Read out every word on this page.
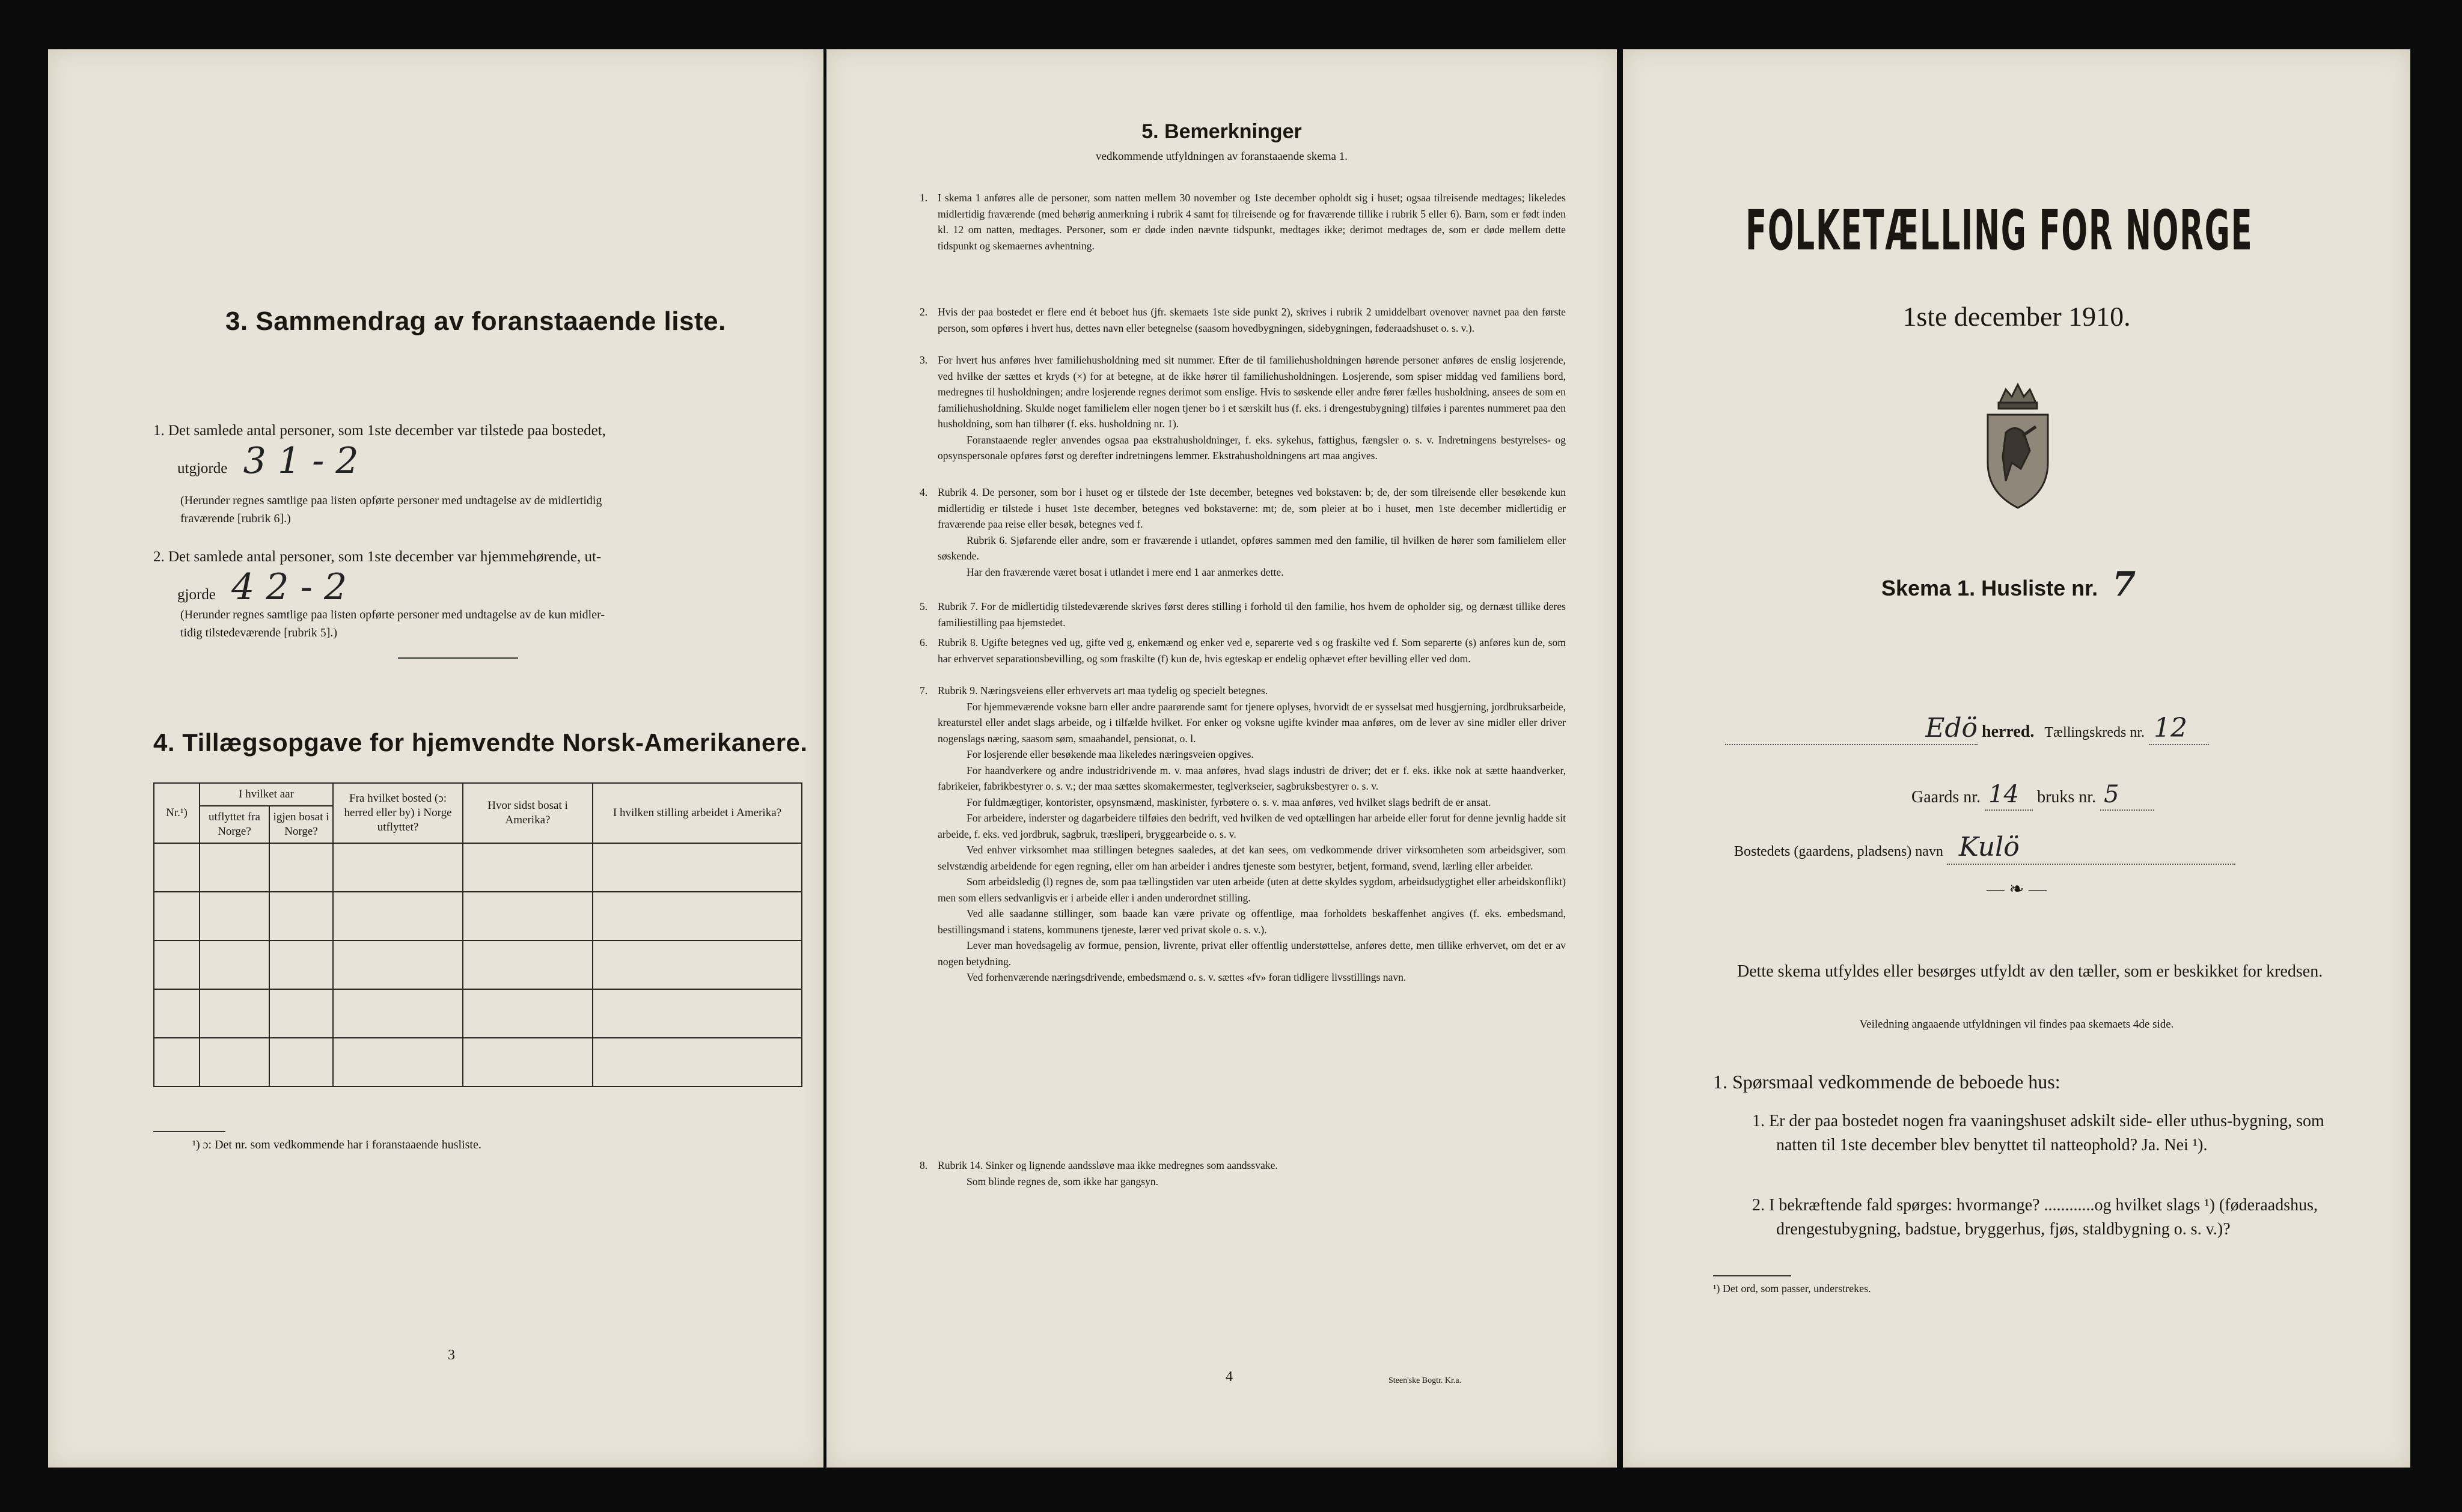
3. Sammendrag av foranstaaende liste.
1. Det samlede antal personer, som 1ste december var tilstede paa bostedet,
utgjorde 3 1 - 2
(Herunder regnes samtlige paa listen opførte personer med undtagelse av de midlertidig
fraværende [rubrik 6].)
2. Det samlede antal personer, som 1ste december var hjemmehørende, ut-
gjorde 4 2 - 2
(Herunder regnes samtlige paa listen opførte personer med undtagelse av de kun midler-
tidig tilstedeværende [rubrik 5].)
4. Tillægsopgave for hjemvendte Norsk-Amerikanere.
Nr.¹)	I hvilket aar		Fra hvilket bosted (ɔ: herred eller by) i Norge utflyttet?	Hvor sidst bosat i Amerika?	I hvilken stilling arbeidet i Amerika?
	utflyttet fra Norge?	igjen bosat i Norge?			

¹) ɔ: Det nr. som vedkommende har i foranstaaende husliste.
3
5. Bemerkninger
vedkommende utfyldningen av foranstaaende skema 1.
1. I skema 1 anføres alle de personer, som natten mellem 30 november og 1ste december opholdt sig i huset; ogsaa tilreisende medtages; likeledes midlertidig fraværende (med behørig anmerkning i rubrik 4 samt for tilreisende og for fraværende tillike i rubrik 5 eller 6). Barn, som er født inden kl. 12 om natten, medtages. Personer, som er døde inden nævnte tidspunkt, medtages ikke; derimot medtages de, som er døde mellem dette tidspunkt og skemaernes avhentning.
2. Hvis der paa bostedet er flere end ét beboet hus (jfr. skemaets 1ste side punkt 2), skrives i rubrik 2 umiddelbart ovenover navnet paa den første person, som opføres i hvert hus, dettes navn eller betegnelse (saasom hovedbygningen, sidebygningen, føderaadshuset o. s. v.).
3. For hvert hus anføres hver familiehusholdning med sit nummer. Efter de til familiehusholdningen hørende personer anføres de enslig losjerende, ved hvilke der sættes et kryds (×) for at betegne, at de ikke hører til familiehusholdningen. Losjerende, som spiser middag ved familiens bord, medregnes til husholdningen; andre losjerende regnes derimot som enslige. Hvis to søskende eller andre fører fælles husholdning, ansees de som en familiehusholdning. Skulde noget familielem eller nogen tjener bo i et særskilt hus (f. eks. i drengestubygning) tilføies i parentes nummeret paa den husholdning, som han tilhører (f. eks. husholdning nr. 1).
Foranstaaende regler anvendes ogsaa paa ekstrahusholdninger, f. eks. sykehus, fattighus, fængsler o. s. v. Indretningens bestyrelses- og opsynspersonale opføres først og derefter indretningens lemmer. Ekstrahusholdningens art maa angives.
4. Rubrik 4. De personer, som bor i huset og er tilstede der 1ste december, betegnes ved bokstaven: b; de, der som tilreisende eller besøkende kun midlertidig er tilstede i huset 1ste december, betegnes ved bokstaverne: mt; de, som pleier at bo i huset, men 1ste december midlertidig er fraværende paa reise eller besøk, betegnes ved f.
Rubrik 6. Sjøfarende eller andre, som er fraværende i utlandet, opføres sammen med den familie, til hvilken de hører som familielem eller søskende.
Har den fraværende været bosat i utlandet i mere end 1 aar anmerkes dette.
5. Rubrik 7. For de midlertidig tilstedeværende skrives først deres stilling i forhold til den familie, hos hvem de opholder sig, og dernæst tillike deres familiestilling paa hjemstedet.
6. Rubrik 8. Ugifte betegnes ved ug, gifte ved g, enkemænd og enker ved e, separerte ved s og fraskilte ved f. Som separerte (s) anføres kun de, som har erhvervet separationsbevilling, og som fraskilte (f) kun de, hvis egteskap er endelig ophævet efter bevilling eller ved dom.
7. Rubrik 9. Næringsveiens eller erhvervets art maa tydelig og specielt betegnes.
For hjemmeværende voksne barn eller andre paarørende samt for tjenere oplyses, hvorvidt de er sysselsat med husgjerning, jordbruksarbeide, kreaturstel eller andet slags arbeide, og i tilfælde hvilket. For enker og voksne ugifte kvinder maa anføres, om de lever av sine midler eller driver nogenslags næring, saasom søm, smaahandel, pensionat, o. l.
For losjerende eller besøkende maa likeledes næringsveien opgives.
For haandverkere og andre industridrivende m. v. maa anføres, hvad slags industri de driver; det er f. eks. ikke nok at sætte haandverker, fabrikeier, fabrikbestyrer o. s. v.; der maa sættes skomakermester, teglverkseier, sagbruksbestyrer o. s. v.
For fuldmægtiger, kontorister, opsynsmænd, maskinister, fyrbøtere o. s. v. maa anføres, ved hvilket slags bedrift de er ansat.
For arbeidere, inderster og dagarbeidere tilføies den bedrift, ved hvilken de ved optællingen har arbeide eller forut for denne jevnlig hadde sit arbeide, f. eks. ved jordbruk, sagbruk, træsliperi, bryggearbeide o. s. v.
Ved enhver virksomhet maa stillingen betegnes saaledes, at det kan sees, om vedkommende driver virksomheten som arbeidsgiver, som selvstændig arbeidende for egen regning, eller om han arbeider i andres tjeneste som bestyrer, betjent, formand, svend, lærling eller arbeider.
Som arbeidsledig (l) regnes de, som paa tællingstiden var uten arbeide (uten at dette skyldes sygdom, arbeidsudygtighet eller arbeidskonflikt) men som ellers sedvanligvis er i arbeide eller i anden underordnet stilling.
Ved alle saadanne stillinger, som baade kan være private og offentlige, maa forholdets beskaffenhet angives (f. eks. embedsmand, bestillingsmand i statens, kommunens tjeneste, lærer ved privat skole o. s. v.).
Lever man hovedsagelig av formue, pension, livrente, privat eller offentlig understøttelse, anføres dette, men tillike erhvervet, om det er av nogen betydning.
Ved forhenværende næringsdrivende, embedsmænd o. s. v. sættes «fv» foran tidligere livsstillings navn.
8. Rubrik 14. Sinker og lignende aandssløve maa ikke medregnes som aandssvake.
Som blinde regnes de, som ikke har gangsyn.
4	Steen'ske Bogtr. Kr.a.
FOLKETÆLLING FOR NORGE
1ste december 1910.
Skema 1. Husliste nr. 7
Edö herred. Tællingskreds nr. 12
Gaards nr. 14 bruks nr. 5
Bostedets (gaardens, pladsens) navn Kulö
— ❧ —
Dette skema utfyldes eller besørges utfyldt av den tæller, som er beskikket for kredsen.
Veiledning angaaende utfyldningen vil findes paa skemaets 4de side.
1. Spørsmaal vedkommende de beboede hus:
1. Er der paa bostedet nogen fra vaaningshuset adskilt side- eller uthus-bygning, som natten til 1ste december blev benyttet til natteophold? Ja. Nei ¹).
2. I bekræftende fald spørges: hvormange? ............og hvilket slags ¹) (føderaadshus, drengestubygning, badstue, bryggerhus, fjøs, staldbygning o. s. v.)?
¹) Det ord, som passer, understrekes.
